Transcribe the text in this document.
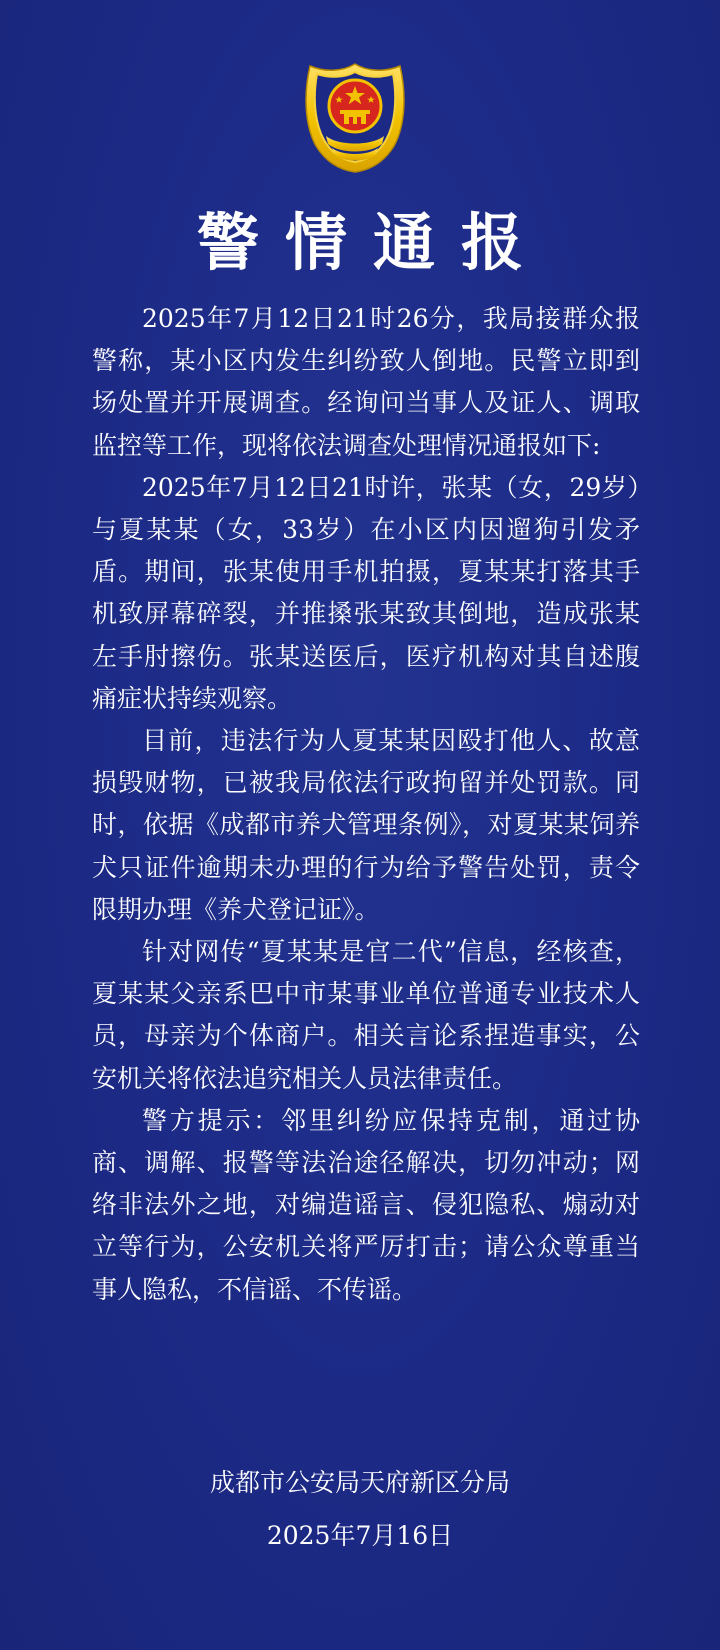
警情通报

2025年7月12日21时26分，我局接群众报警称，某小区内发生纠纷致人倒地。民警立即到场处置并开展调查。经询问当事人及证人、调取监控等工作，现将依法调查处理情况通报如下:

2025年7月12日21时许，张某（女，29岁）与夏某某（女，33岁）在小区内因遛狗引发矛盾。期间，张某使用手机拍摄，夏某某打落其手机致屏幕碎裂，并推搡张某致其倒地，造成张某左手肘擦伤。张某送医后，医疗机构对其自述腹痛症状持续观察。

目前，违法行为人夏某某因殴打他人、故意损毁财物，已被我局依法行政拘留并处罚款。同时，依据《成都市养犬管理条例》，对夏某某饲养犬只证件逾期未办理的行为给予警告处罚，责令限期办理《养犬登记证》。

针对网传“夏某某是官二代”信息，经核查，夏某某父亲系巴中市某事业单位普通专业技术人员，母亲为个体商户。相关言论系捏造事实，公安机关将依法追究相关人员法律责任。

警方提示：邻里纠纷应保持克制，通过协商、调解、报警等法治途径解决，切勿冲动；网络非法外之地，对编造谣言、侵犯隐私、煽动对立等行为，公安机关将严厉打击；请公众尊重当事人隐私，不信谣、不传谣。

成都市公安局天府新区分局
2025年7月16日
